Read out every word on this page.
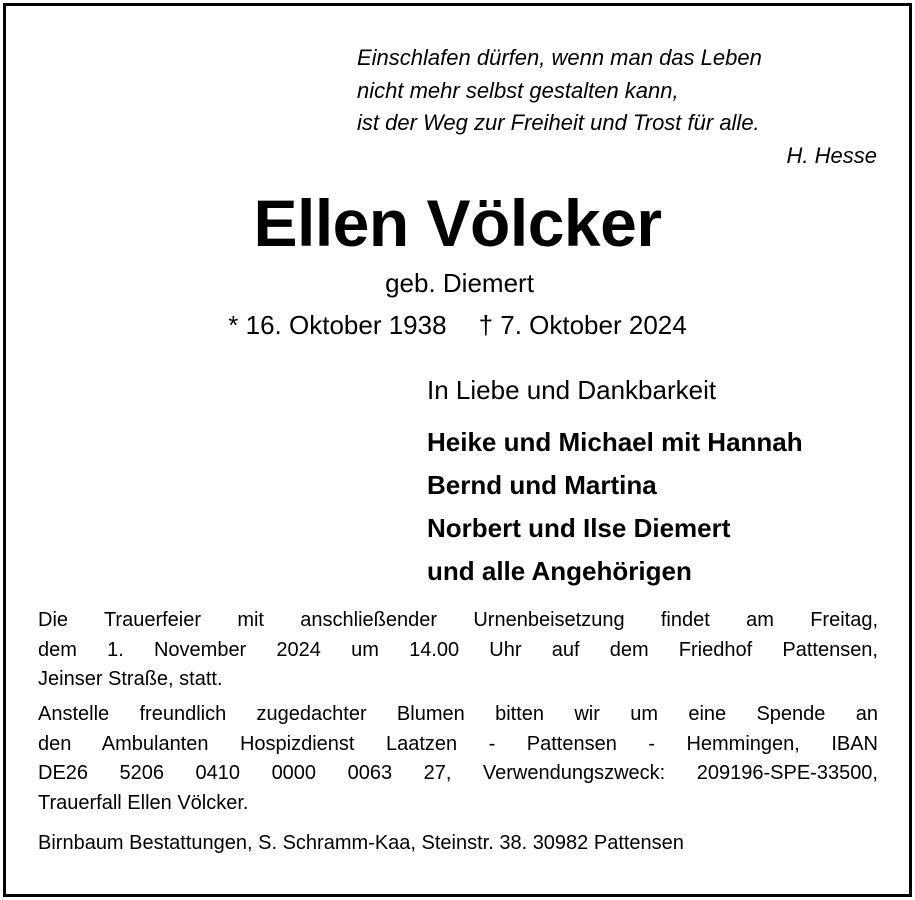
Einschlafen dürfen, wenn man das Leben
nicht mehr selbst gestalten kann,
ist der Weg zur Freiheit und Trost für alle.
H. Hesse
Ellen Völcker
geb. Diemert
* 16. Oktober 1938 † 7. Oktober 2024
In Liebe und Dankbarkeit
Heike und Michael mit Hannah
Bernd und Martina
Norbert und Ilse Diemert
und alle Angehörigen
Die Trauerfeier mit anschließender Urnenbeisetzung findet am Freitag,
dem 1. November 2024 um 14.00 Uhr auf dem Friedhof Pattensen,
Jeinser Straße, statt.
Anstelle freundlich zugedachter Blumen bitten wir um eine Spende an
den Ambulanten Hospizdienst Laatzen - Pattensen - Hemmingen, IBAN
DE26 5206 0410 0000 0063 27, Verwendungszweck: 209196-SPE-33500,
Trauerfall Ellen Völcker.
Birnbaum Bestattungen, S. Schramm-Kaa, Steinstr. 38. 30982 Pattensen
